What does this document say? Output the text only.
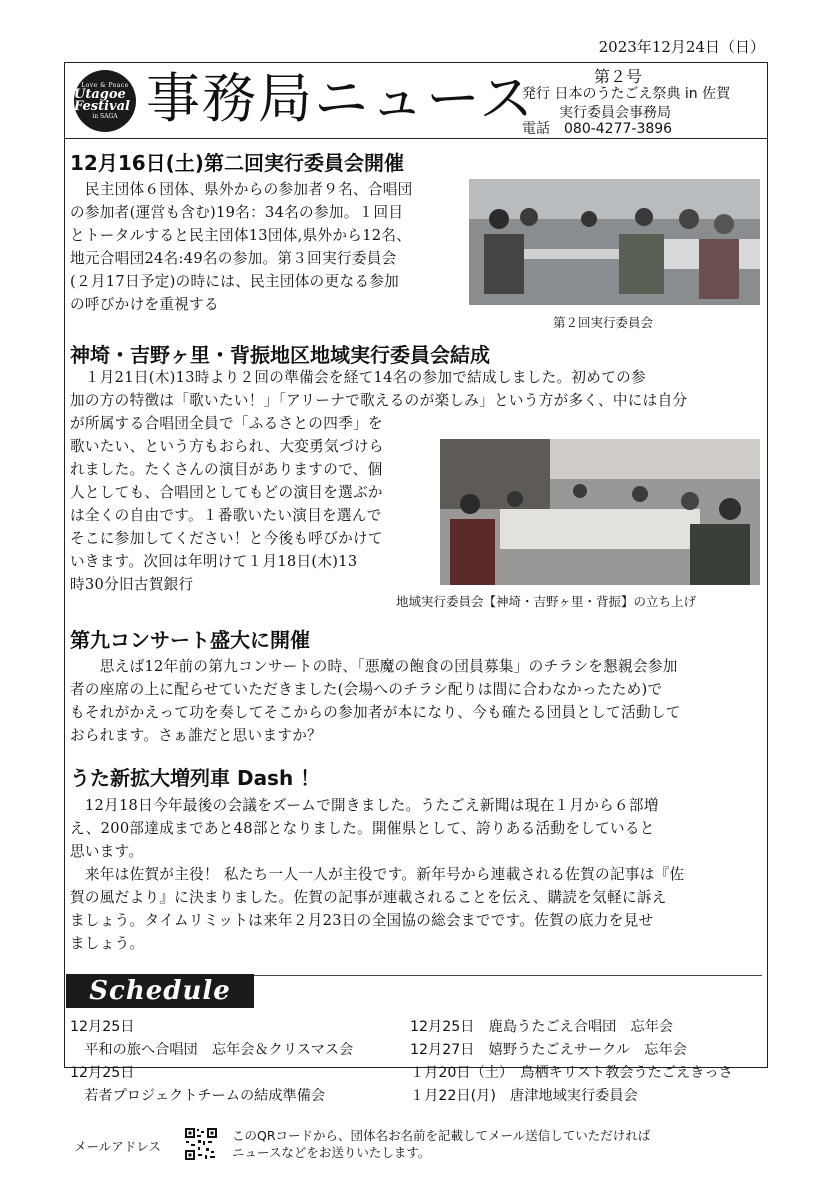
2023年12月24日（日）
Love & Peace
Utagoe Festival
in SAGA 事務局ニュース	第２号
発行 日本のうたごえ祭典 in 佐賀
実行委員会事務局
電話　080-4277-3896
12月16日(土)第二回実行委員会開催
　民主団体６団体、県外からの参加者９名、合唱団
の参加者(運営も含む)19名：34名の参加。１回目
とトータルすると民主団体13団体,県外から12名、
地元合唱団24名:49名の参加。第３回実行委員会
(２月17日予定)の時には、民主団体の更なる参加
の呼びかけを重視する
第２回実行委員会
神埼・吉野ヶ里・背振地区地域実行委員会結成
　１月21日(木)13時より２回の準備会を経て14名の参加で結成しました。初めての参
加の方の特徴は「歌いたい！」「アリーナで歌えるのが楽しみ」という方が多く、中には自分
が所属する合唱団全員で「ふるさとの四季」を
歌いたい、という方もおられ、大変勇気づけら
れました。たくさんの演目がありますので、個
人としても、合唱団としてもどの演目を選ぶか
は全くの自由です。１番歌いたい演目を選んで
そこに参加してください！と今後も呼びかけて
いきます。次回は年明けて１月18日(木)13
時30分旧古賀銀行
地域実行委員会【神埼・吉野ヶ里・背振】の立ち上げ
第九コンサート盛大に開催
　　思えば12年前の第九コンサートの時、「悪魔の飽食の団員募集」のチラシを懇親会参加
者の座席の上に配らせていただきました(会場へのチラシ配りは間に合わなかったため)で
もそれがかえって功を奏してそこからの参加者が本になり、今も確たる団員として活動して
おられます。さぁ誰だと思いますか？
うた新拡大増列車 Dash ！
　12月18日今年最後の会議をズームで開きました。うたごえ新聞は現在１月から６部増
え、200部達成まであと48部となりました。開催県として、誇りある活動をしていると
思います。
　来年は佐賀が主役！ 私たち一人一人が主役です。新年号から連載される佐賀の記事は『佐
賀の風だより』に決まりました。佐賀の記事が連載されることを伝え、購読を気軽に訴え
ましょう。タイムリミットは来年２月23日の全国協の総会までです。佐賀の底力を見せ
ましょう。
Schedule
12月25日
　平和の旅へ合唱団　忘年会＆クリスマス会
12月25日
　若者プロジェクトチームの結成準備会
12月25日　鹿島うたごえ合唱団　忘年会
12月27日　嬉野うたごえサークル　忘年会
１月20日（土）　鳥栖キリスト教会うたごえきっさ
１月22日(月)　唐津地域実行委員会
メールアドレス
このQRコードから、団体名お名前を記載してメール送信していただければ
ニュースなどをお送りいたします。
